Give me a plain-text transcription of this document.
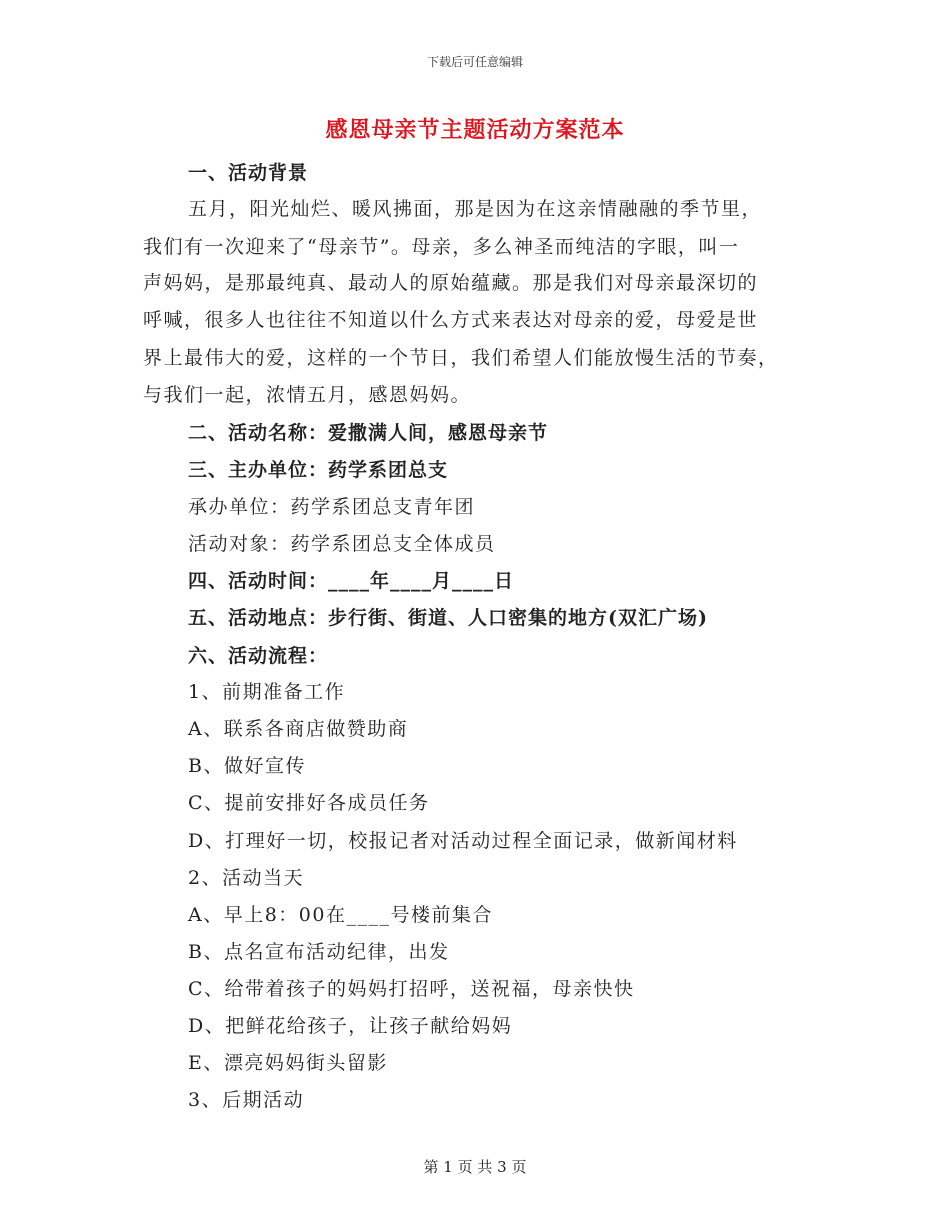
下载后可任意编辑
感恩母亲节主题活动方案范本
一、活动背景
五月，阳光灿烂、暖风拂面，那是因为在这亲情融融的季节里，
我们有一次迎来了“母亲节”。母亲，多么神圣而纯洁的字眼，叫一
声妈妈，是那最纯真、最动人的原始蕴藏。那是我们对母亲最深切的
呼喊，很多人也往往不知道以什么方式来表达对母亲的爱，母爱是世
界上最伟大的爱，这样的一个节日，我们希望人们能放慢生活的节奏，
与我们一起，浓情五月，感恩妈妈。
二、活动名称：爱撒满人间，感恩母亲节
三、主办单位：药学系团总支
承办单位：药学系团总支青年团
活动对象：药学系团总支全体成员
四、活动时间：____年____月____日
五、活动地点：步行街、街道、人口密集的地方(双汇广场)
六、活动流程：
1、前期准备工作
A、联系各商店做赞助商
B、做好宣传
C、提前安排好各成员任务
D、打理好一切，校报记者对活动过程全面记录，做新闻材料
2、活动当天
A、早上8：00在____号楼前集合
B、点名宣布活动纪律，出发
C、给带着孩子的妈妈打招呼，送祝福，母亲快快
D、把鲜花给孩子，让孩子献给妈妈
E、漂亮妈妈街头留影
3、后期活动
第 1 页 共 3 页
